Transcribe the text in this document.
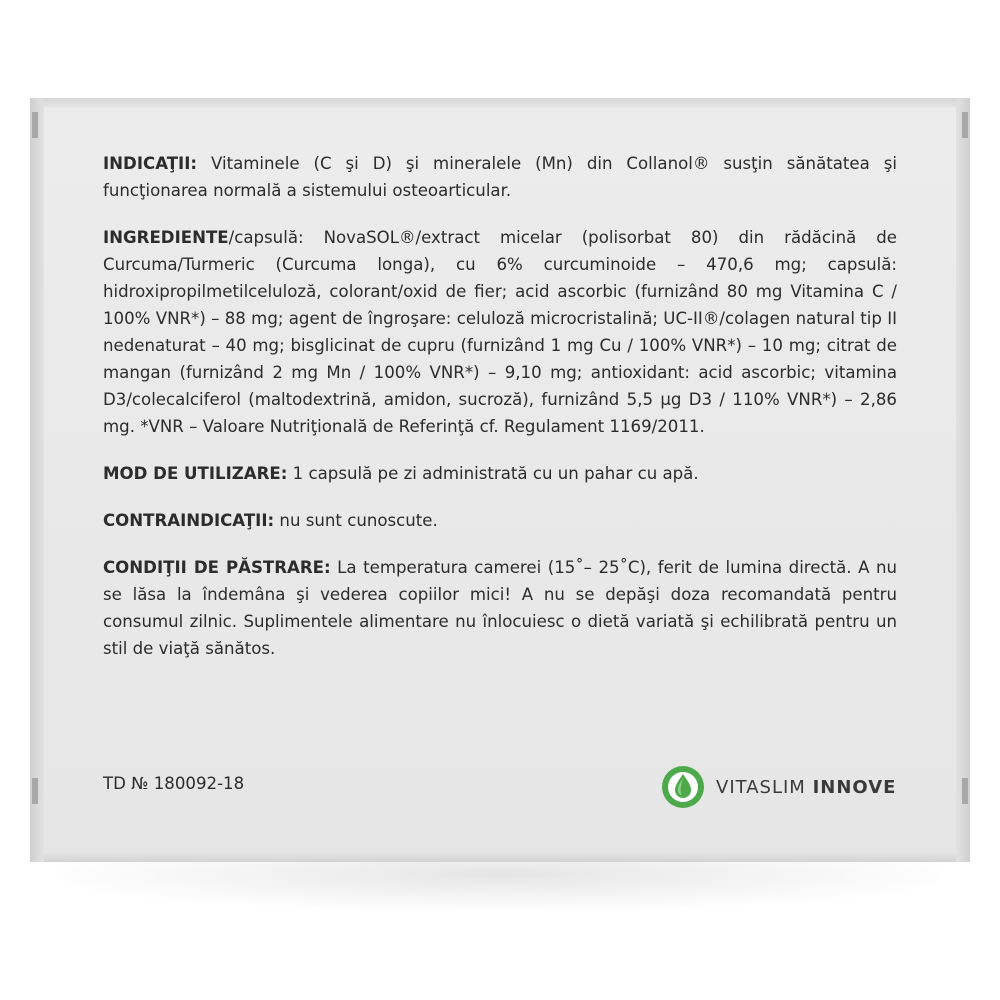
INDICAŢII: Vitaminele (C şi D) şi mineralele (Mn) din Collanol® susţin sănătatea şi funcţionarea normală a sistemului osteoarticular.

INGREDIENTE/capsulă: NovaSOL®/extract micelar (polisorbat 80) din rădăcină de Curcuma/Turmeric (Curcuma longa), cu 6% curcuminoide – 470,6 mg; capsulă: hidroxipropilmetilceluloză, colorant/oxid de fier; acid ascorbic (furnizând 80 mg Vitamina C / 100% VNR*) – 88 mg; agent de îngroşare: celuloză microcristalină; UC-II®/colagen natural tip II nedenaturat – 40 mg; bisglicinat de cupru (furnizând 1 mg Cu / 100% VNR*) – 10 mg; citrat de mangan (furnizând 2 mg Mn / 100% VNR*) – 9,10 mg; antioxidant: acid ascorbic; vitamina D3/colecalciferol (maltodextrină, amidon, sucroză), furnizând 5,5 μg D3 / 110% VNR*) – 2,86 mg. *VNR – Valoare Nutriţională de Referinţă cf. Regulament 1169/2011.

MOD DE UTILIZARE: 1 capsulă pe zi administrată cu un pahar cu apă.

CONTRAINDICAŢII: nu sunt cunoscute.

CONDIŢII DE PĂSTRARE: La temperatura camerei (15˚– 25˚C), ferit de lumina directă. A nu se lăsa la îndemâna şi vederea copiilor mici! A nu se depăşi doza recomandată pentru consumul zilnic. Suplimentele alimentare nu înlocuiesc o dietă variată şi echilibrată pentru un stil de viaţă sănătos.

TD № 180092-18	VITASLIM INNOVE
